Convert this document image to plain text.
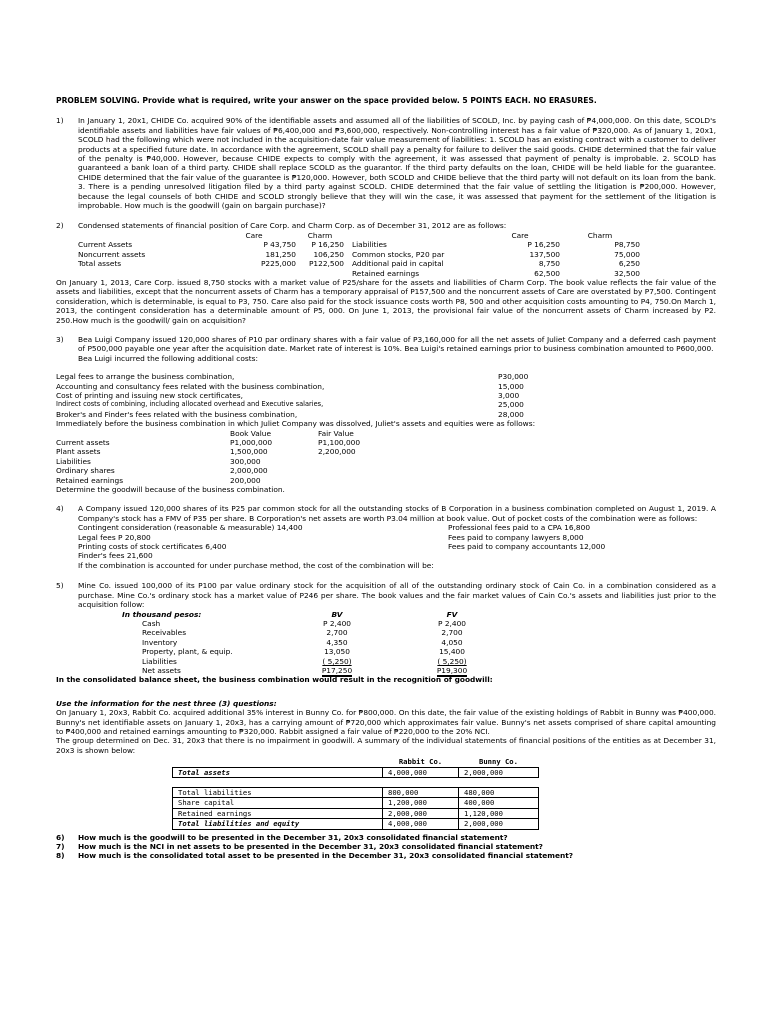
PROBLEM SOLVING. Provide what is required, write your answer on the space provided below. 5 POINTS EACH. NO ERASURES.
1) In January 1, 20x1, CHIDE Co. acquired 90% of the identifiable assets and assumed all of the liabilities of SCOLD, Inc. by paying cash of ₱4,000,000. On this date, SCOLD's identifiable assets and liabilities have fair values of ₱6,400,000 and ₱3,600,000, respectively. Non-controlling interest has a fair value of ₱320,000. As of January 1, 20x1, SCOLD had the following which were not included in the acquisition-date fair value measurement of liabilities: 1. SCOLD has an existing contract with a customer to deliver products at a specified future date. In accordance with the agreement, SCOLD shall pay a penalty for failure to deliver the said goods. CHIDE determined that the fair value of the penalty is ₱40,000. However, because CHIDE expects to comply with the agreement, it was assessed that payment of penalty is improbable. 2. SCOLD has guaranteed a bank loan of a third party. CHIDE shall replace SCOLD as the guarantor. If the third party defaults on the loan, CHIDE will be held liable for the guarantee. CHIDE determined that the fair value of the guarantee is ₱120,000. However, both SCOLD and CHIDE believe that the third party will not default on its loan from the bank. 3. There is a pending unresolved litigation filed by a third party against SCOLD. CHIDE determined that the fair value of settling the litigation is ₱200,000. However, because the legal counsels of both CHIDE and SCOLD strongly believe that they will win the case, it was assessed that payment for the settlement of the litigation is improbable. How much is the goodwill (gain on bargain purchase)?
2) Condensed statements of financial position of Care Corp. and Charm Corp. as of December 31, 2012 are as follows:
	Care	Charm		Care	Charm
Current Assets	P 43,750	P 16,250	Liabilities	P 16,250	P8,750
Noncurrent assets	181,250	106,250	Common stocks, P20 par	137,500	75,000
Total assets	P225,000	P122,500	Additional paid in capital	8,750	6,250
			Retained earnings	62,500	32,500
On January 1, 2013, Care Corp. issued 8,750 stocks with a market value of P25/share for the assets and liabilities of Charm Corp. The book value reflects the fair value of the assets and liabilities, except that the noncurrent assets of Charm has a temporary appraisal of P157,500 and the noncurrent assets of Care are overstated by P7,500. Contingent consideration, which is determinable, is equal to P3, 750. Care also paid for the stock issuance costs worth P8, 500 and other acquisition costs amounting to P4, 750.On March 1, 2013, the contingent consideration has a determinable amount of P5, 000. On June 1, 2013, the provisional fair value of the noncurrent assets of Charm increased by P2. 250.How much is the goodwill/ gain on acquisition?
3) Bea Luigi Company issued 120,000 shares of P10 par ordinary shares with a fair value of P3,160,000 for all the net assets of Juliet Company and a deferred cash payment of P500,000 payable one year after the acquisition date. Market rate of interest is 10%. Bea Luigi's retained earnings prior to business combination amounted to P600,000.
Bea Luigi incurred the following additional costs:
Legal fees to arrange the business combination,	P30,000
Accounting and consultancy fees related with the business combination,	15,000
Cost of printing and issuing new stock certificates,	3,000
Indirect costs of combining, including allocated overhead and Executive salaries,	25,000
Broker's and Finder's fees related with the business combination,	28,000
Immediately before the business combination in which Juliet Company was dissolved, Juliet's assets and equities were as follows:
	Book Value	Fair Value
Current assets	P1,000,000	P1,100,000
Plant assets	1,500,000	2,200,000
Liabilities	300,000	
Ordinary shares	2,000,000	
Retained earnings	200,000	
Determine the goodwill because of the business combination.
4) A Company issued 120,000 shares of its P25 par common stock for all the outstanding stocks of B Corporation in a business combination completed on August 1, 2019. A Company's stock has a FMV of P35 per share. B Corporation's net assets are worth P3.04 million at book value. Out of pocket costs of the combination were as follows:
Contingent consideration (reasonable & measurable) 14,400	Professional fees paid to a CPA 16,800
Legal fees P 20,800	Fees paid to company lawyers 8,000
Printing costs of stock certificates 6,400	Fees paid to company accountants 12,000
Finder's fees 21,600	
If the combination is accounted for under purchase method, the cost of the combination will be:
5) Mine Co. issued 100,000 of its P100 par value ordinary stock for the acquisition of all of the outstanding ordinary stock of Cain Co. in a combination considered as a purchase. Mine Co.'s ordinary stock has a market value of P246 per share. The book values and the fair market values of Cain Co.'s assets and liabilities just prior to the acquisition follow:
In thousand pesos:	BV	FV
Cash	P 2,400	P 2,400
Receivables	2,700	2,700
Inventory	4,350	4,050
Property, plant, & equip.	13,050	15,400
Liabilities	( 5,250)	( 5,250)
Net assets	P17,250	P19,300
In the consolidated balance sheet, the business combination would result in the recognition of goodwill:
Use the information for the nest three (3) questions:
On January 1, 20x3, Rabbit Co. acquired additional 35% interest in Bunny Co. for ₱800,000. On this date, the fair value of the existing holdings of Rabbit in Bunny was ₱400,000. Bunny's net identifiable assets on January 1, 20x3, has a carrying amount of ₱720,000 which approximates fair value. Bunny's net assets comprised of share capital amounting to ₱400,000 and retained earnings amounting to ₱320,000. Rabbit assigned a fair value of ₱220,000 to the 20% NCI.
The group determined on Dec. 31, 20x3 that there is no impairment in goodwill. A summary of the individual statements of financial positions of the entities as at December 31, 20x3 is shown below:
	Rabbit Co.	Bunny Co.
Total assets	4,000,000	2,000,000

Total liabilities	800,000	480,000
Share capital	1,200,000	400,000
Retained earnings	2,000,000	1,120,000
Total liabilities and equity	4,000,000	2,000,000
6) How much is the goodwill to be presented in the December 31, 20x3 consolidated financial statement?
7) How much is the NCI in net assets to be presented in the December 31, 20x3 consolidated financial statement?
8) How much is the consolidated total asset to be presented in the December 31, 20x3 consolidated financial statement?
